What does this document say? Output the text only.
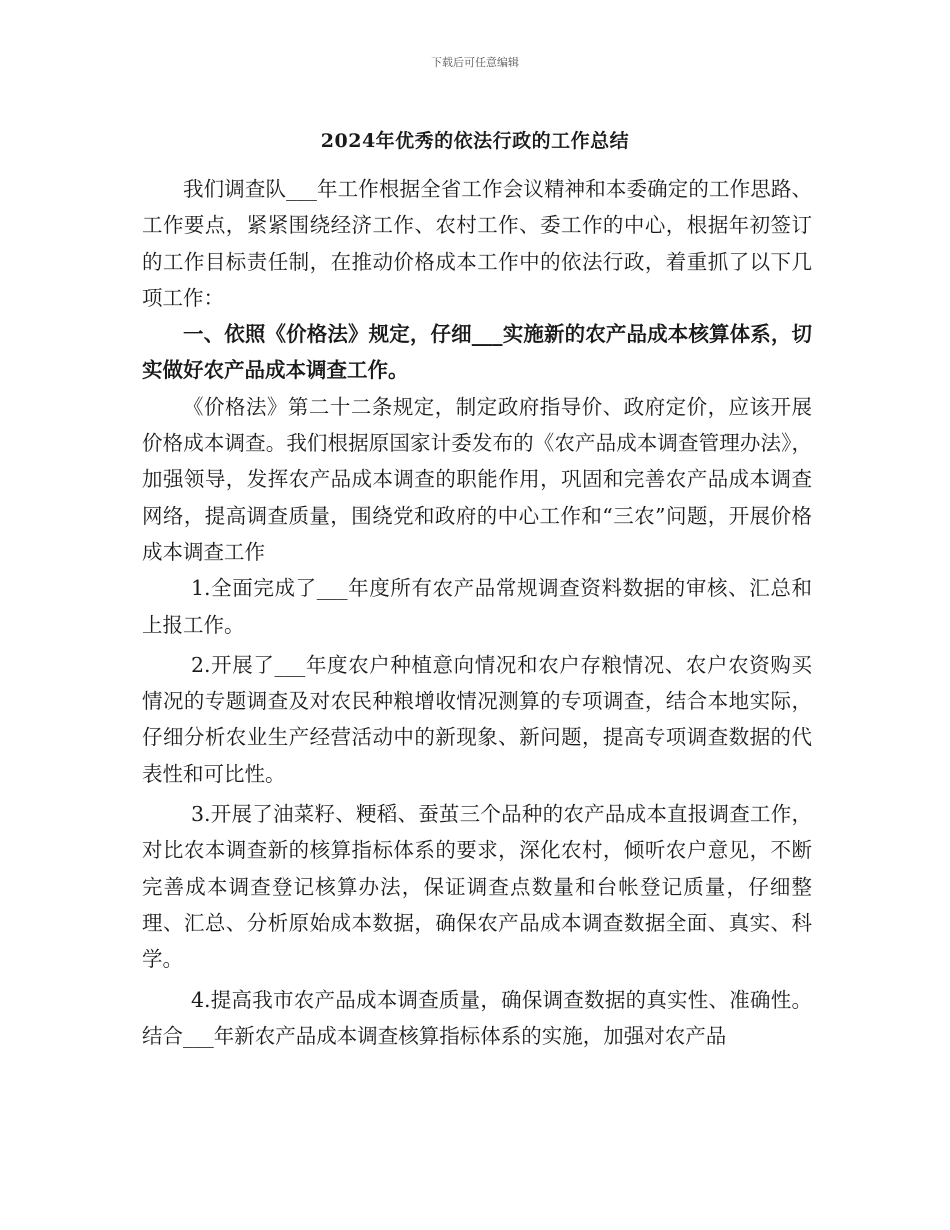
下载后可任意编辑
2024年优秀的依法行政的工作总结

我们调查队___年工作根据全省工作会议精神和本委确定的工作思路、工作要点，紧紧围绕经济工作、农村工作、委工作的中心，根据年初签订的工作目标责任制，在推动价格成本工作中的依法行政，着重抓了以下几项工作：

一、依照《价格法》规定，仔细___实施新的农产品成本核算体系，切实做好农产品成本调查工作。

《价格法》第二十二条规定，制定政府指导价、政府定价，应该开展价格成本调查。我们根据原国家计委发布的《农产品成本调查管理办法》，加强领导，发挥农产品成本调查的职能作用，巩固和完善农产品成本调查网络，提高调查质量，围绕党和政府的中心工作和“三农”问题，开展价格成本调查工作

1.全面完成了___年度所有农产品常规调查资料数据的审核、汇总和上报工作。

2.开展了___年度农户种植意向情况和农户存粮情况、农户农资购买情况的专题调查及对农民种粮增收情况测算的专项调查，结合本地实际，仔细分析农业生产经营活动中的新现象、新问题，提高专项调查数据的代表性和可比性。

3.开展了油菜籽、粳稻、蚕茧三个品种的农产品成本直报调查工作，对比农本调查新的核算指标体系的要求，深化农村，倾听农户意见，不断完善成本调查登记核算办法，保证调查点数量和台帐登记质量，仔细整理、汇总、分析原始成本数据，确保农产品成本调查数据全面、真实、科学。

4.提高我市农产品成本调查质量，确保调查数据的真实性、准确性。结合___年新农产品成本调查核算指标体系的实施，加强对农产品
